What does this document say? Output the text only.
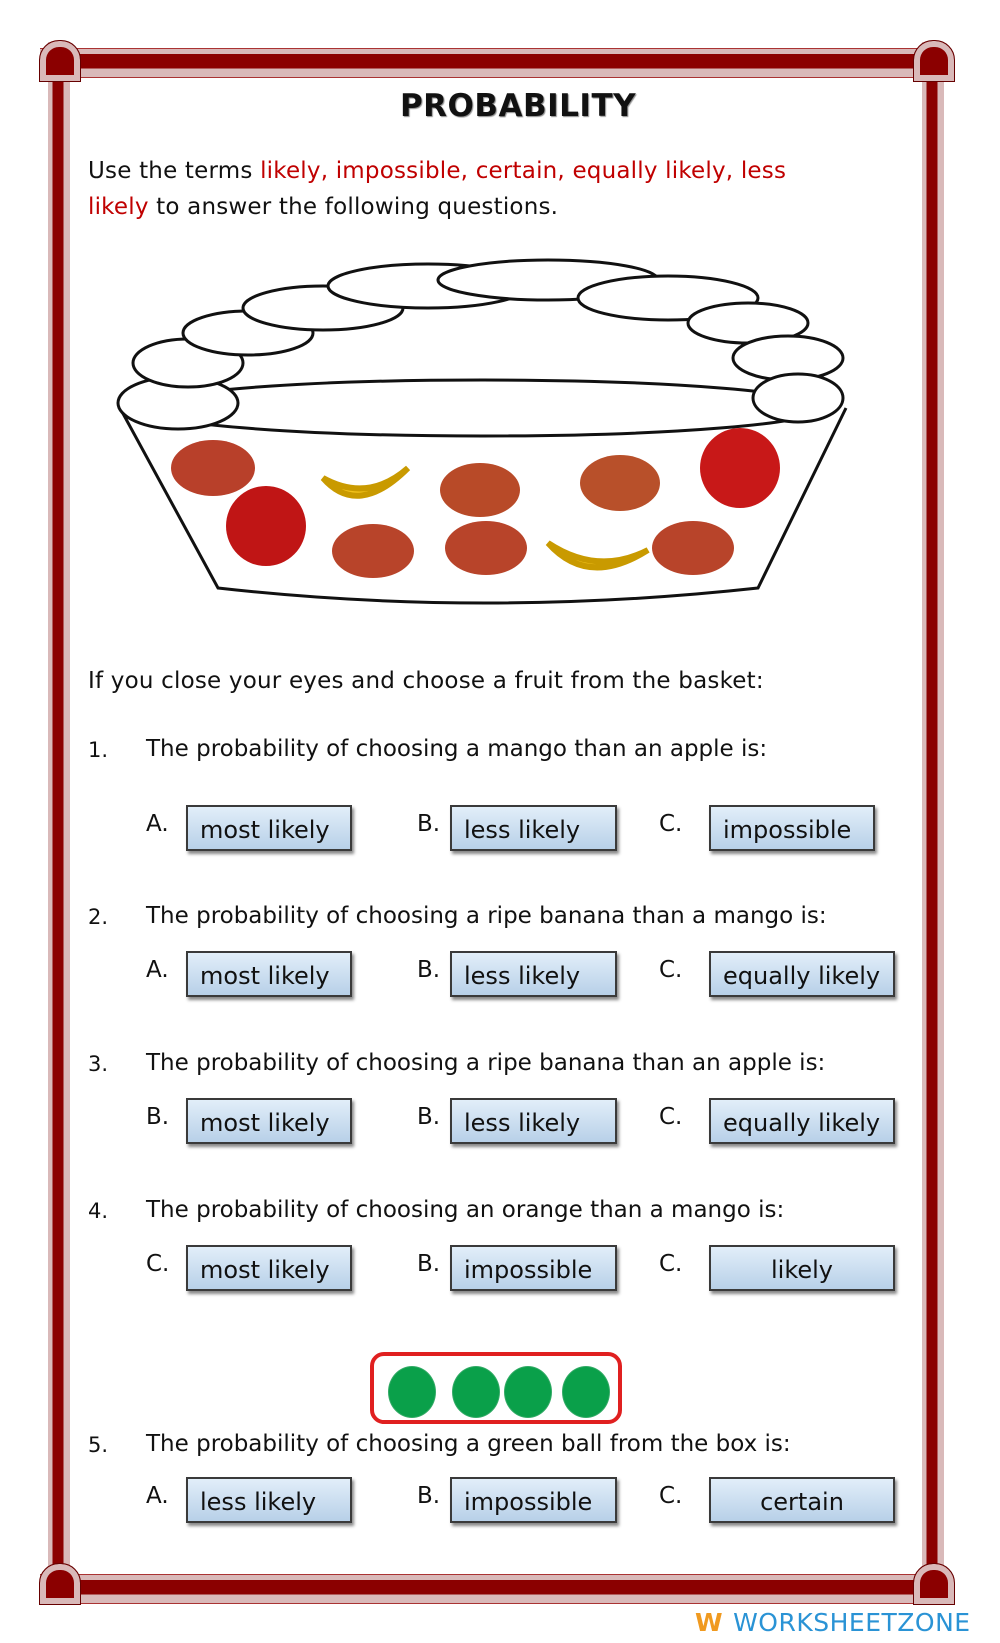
PROBABILITY
Use the terms likely, impossible, certain, equally likely, less
likely to answer the following questions.
If you close your eyes and choose a fruit from the basket:
1. The probability of choosing a mango than an apple is:
A.	most likely	B. less likely	C.	impossible
2. The probability of choosing a ripe banana than a mango is:
A.	most likely	B. less likely	C.	equally likely
3. The probability of choosing a ripe banana than an apple is:
B.	most likely	B. less likely	C.	equally likely
4. The probability of choosing an orange than a mango is:
C.	most likely	B. impossible	C.	likely
5. The probability of choosing a green ball from the box is:
A.	less likely	B. impossible	C.	certain
W WORKSHEETZONE
